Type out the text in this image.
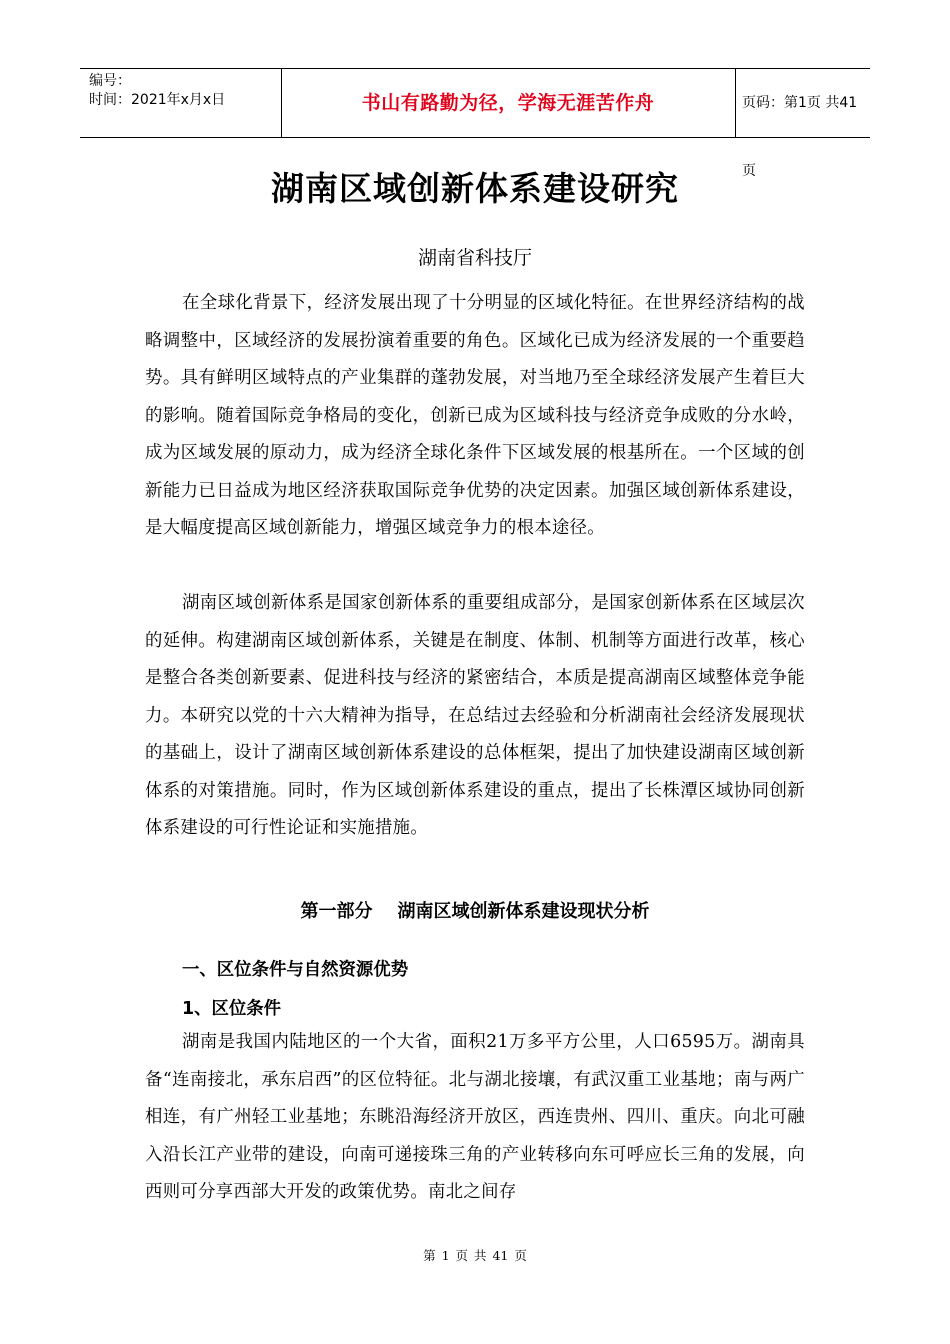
编号：
时间：2021年x月x日	书山有路勤为径，学海无涯苦作舟	页码：第1页 共41页
湖南区域创新体系建设研究
湖南省科技厅

在全球化背景下，经济发展出现了十分明显的区域化特征。在世界经济结构的战略调整中，区域经济的发展扮演着重要的角色。区域化已成为经济发展的一个重要趋势。具有鲜明区域特点的产业集群的蓬勃发展，对当地乃至全球经济发展产生着巨大的影响。随着国际竞争格局的变化，创新已成为区域科技与经济竞争成败的分水岭，成为区域发展的原动力，成为经济全球化条件下区域发展的根基所在。一个区域的创新能力已日益成为地区经济获取国际竞争优势的决定因素。加强区域创新体系建设，是大幅度提高区域创新能力，增强区域竞争力的根本途径。

湖南区域创新体系是国家创新体系的重要组成部分，是国家创新体系在区域层次的延伸。构建湖南区域创新体系，关键是在制度、体制、机制等方面进行改革，核心是整合各类创新要素、促进科技与经济的紧密结合，本质是提高湖南区域整体竞争能力。本研究以党的十六大精神为指导，在总结过去经验和分析湖南社会经济发展现状的基础上，设计了湖南区域创新体系建设的总体框架，提出了加快建设湖南区域创新体系的对策措施。同时，作为区域创新体系建设的重点，提出了长株潭区域协同创新体系建设的可行性论证和实施措施。

第一部分    湖南区域创新体系建设现状分析
一、区位条件与自然资源优势
1、区位条件

湖南是我国内陆地区的一个大省，面积21万多平方公里，人口6595万。湖南具备“连南接北，承东启西”的区位特征。北与湖北接壤，有武汉重工业基地；南与两广相连，有广州轻工业基地；东眺沿海经济开放区，西连贵州、四川、重庆。向北可融入沿长江产业带的建设，向南可递接珠三角的产业转移向东可呼应长三角的发展，向西则可分享西部大开发的政策优势。南北之间存

第 1 页 共 41 页
